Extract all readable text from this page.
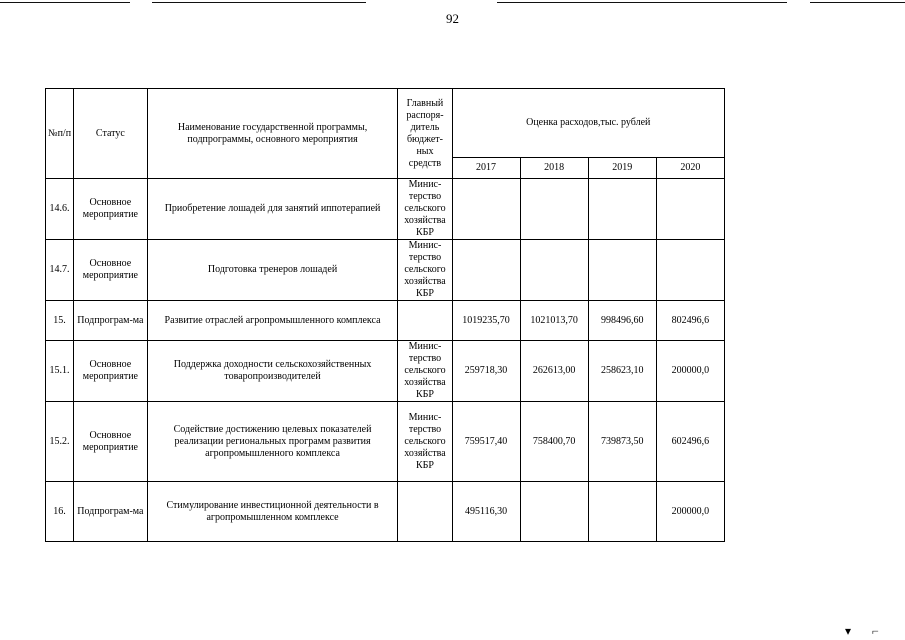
92
№п/п	Статус	Наименование государственной программы, подпрограммы, основного мероприятия	Главный распоря-дитель бюджет-ных средств	Оценка расходов,тыс. рублей			
				2017	2018	2019	2020
14.6.	Основное мероприятие	Приобретение лошадей для занятий иппотерапией	Минис-терство сельского хозяйства КБР				
14.7.	Основное мероприятие	Подготовка тренеров лошадей	Минис-терство сельского хозяйства КБР				
15.	Подпрограм-ма	Развитие отраслей агропромышленного комплекса		1019235,70	1021013,70	998496,60	802496,6
15.1.	Основное мероприятие	Поддержка доходности сельскохозяйственных товаропроизводителей	Минис-терство сельского хозяйства КБР	259718,30	262613,00	258623,10	200000,0
15.2.	Основное мероприятие	Содействие достижению целевых показателей реализации региональных программ развития агропромышленного комплекса	Минис-терство сельского хозяйства КБР	759517,40	758400,70	739873,50	602496,6
16.	Подпрограм-ма	Стимулирование инвестиционной деятельности в агропромышленном комплексе		495116,30			200000,0
▾ ⌐
